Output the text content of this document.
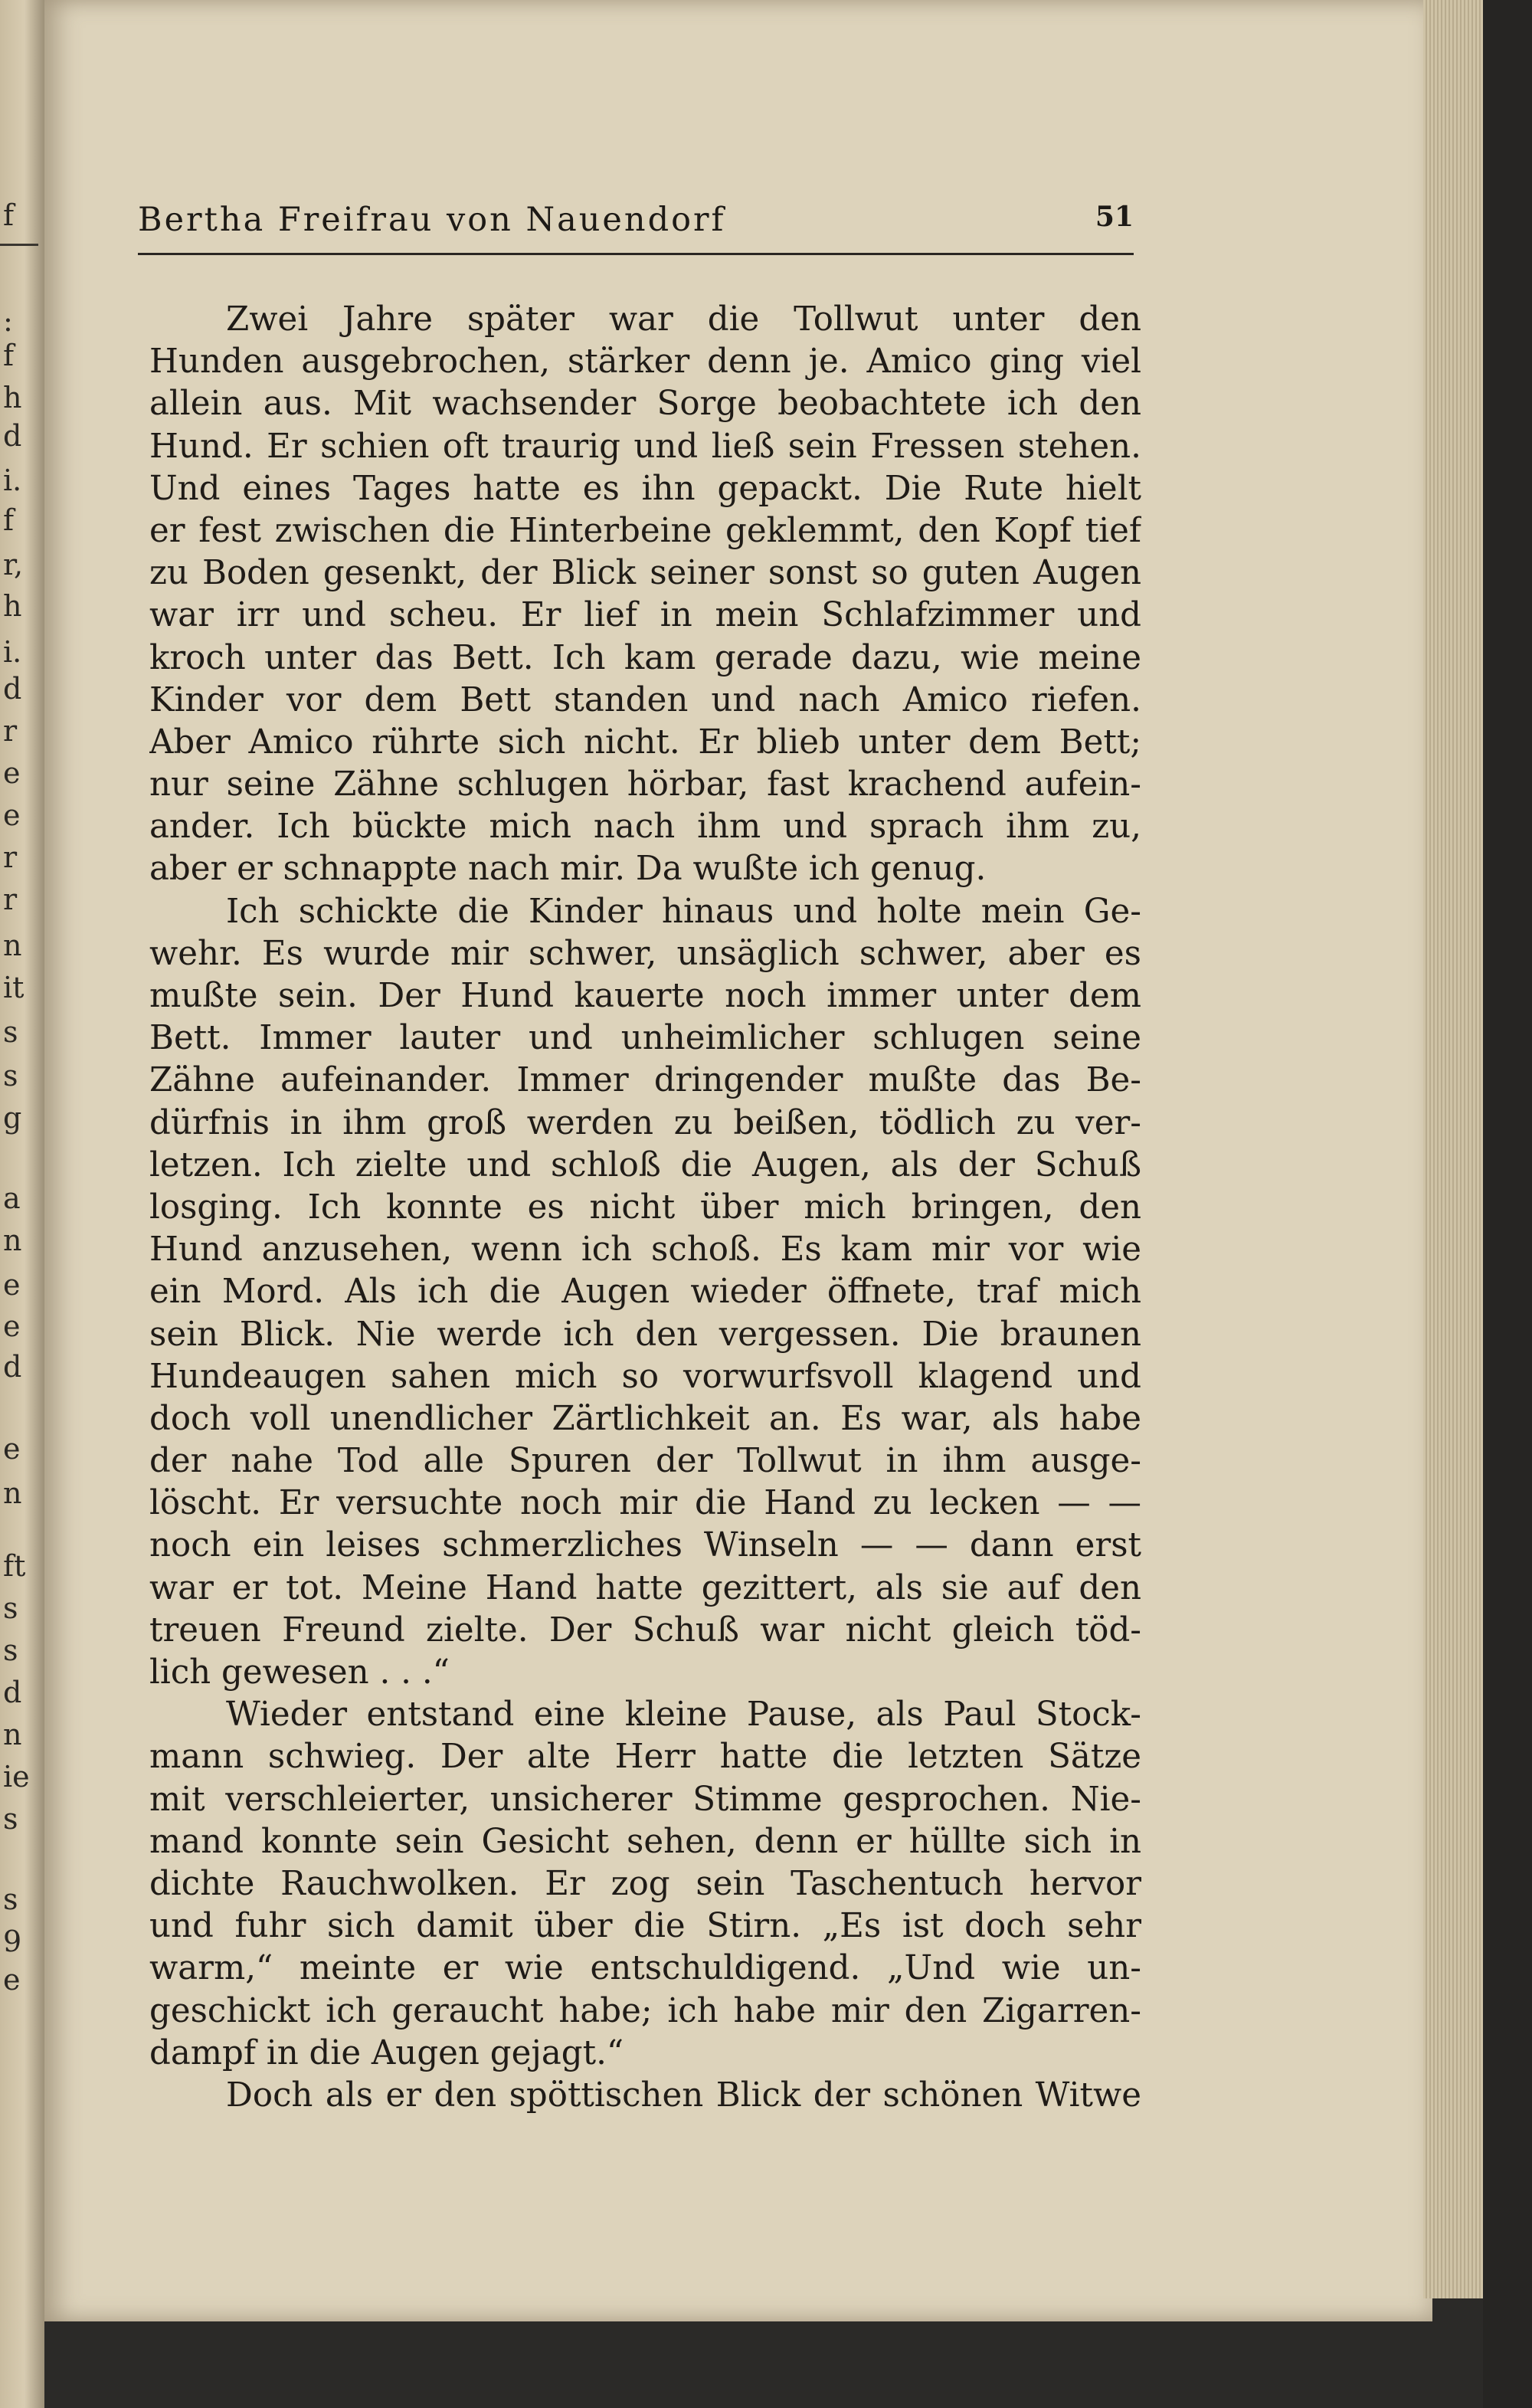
f
:
f
h
d
i.
f
r,
h
i.
d
r
e
e
r
r
n
it
s
s
g
a
n
e
e
d
e
n
ft
s
s
d
n
ie
s
s
9
e
Bertha Freifrau von Nauendorf	51
Zwei Jahre später war die Tollwut unter den
Hunden ausgebrochen, stärker denn je. Amico ging viel
allein aus. Mit wachsender Sorge beobachtete ich den
Hund. Er schien oft traurig und ließ sein Fressen stehen.
Und eines Tages hatte es ihn gepackt. Die Rute hielt
er fest zwischen die Hinterbeine geklemmt, den Kopf tief
zu Boden gesenkt, der Blick seiner sonst so guten Augen
war irr und scheu. Er lief in mein Schlafzimmer und
kroch unter das Bett. Ich kam gerade dazu, wie meine
Kinder vor dem Bett standen und nach Amico riefen.
Aber Amico rührte sich nicht. Er blieb unter dem Bett;
nur seine Zähne schlugen hörbar, fast krachend aufein-
ander. Ich bückte mich nach ihm und sprach ihm zu,
aber er schnappte nach mir. Da wußte ich genug.
Ich schickte die Kinder hinaus und holte mein Ge-
wehr. Es wurde mir schwer, unsäglich schwer, aber es
mußte sein. Der Hund kauerte noch immer unter dem
Bett. Immer lauter und unheimlicher schlugen seine
Zähne aufeinander. Immer dringender mußte das Be-
dürfnis in ihm groß werden zu beißen, tödlich zu ver-
letzen. Ich zielte und schloß die Augen, als der Schuß
losging. Ich konnte es nicht über mich bringen, den
Hund anzusehen, wenn ich schoß. Es kam mir vor wie
ein Mord. Als ich die Augen wieder öffnete, traf mich
sein Blick. Nie werde ich den vergessen. Die braunen
Hundeaugen sahen mich so vorwurfsvoll klagend und
doch voll unendlicher Zärtlichkeit an. Es war, als habe
der nahe Tod alle Spuren der Tollwut in ihm ausge-
löscht. Er versuchte noch mir die Hand zu lecken — —
noch ein leises schmerzliches Winseln — — dann erst
war er tot. Meine Hand hatte gezittert, als sie auf den
treuen Freund zielte. Der Schuß war nicht gleich töd-
lich gewesen . . .“
Wieder entstand eine kleine Pause, als Paul Stock-
mann schwieg. Der alte Herr hatte die letzten Sätze
mit verschleierter, unsicherer Stimme gesprochen. Nie-
mand konnte sein Gesicht sehen, denn er hüllte sich in
dichte Rauchwolken. Er zog sein Taschentuch hervor
und fuhr sich damit über die Stirn. „Es ist doch sehr
warm,“ meinte er wie entschuldigend. „Und wie un-
geschickt ich geraucht habe; ich habe mir den Zigarren-
dampf in die Augen gejagt.“
Doch als er den spöttischen Blick der schönen Witwe
